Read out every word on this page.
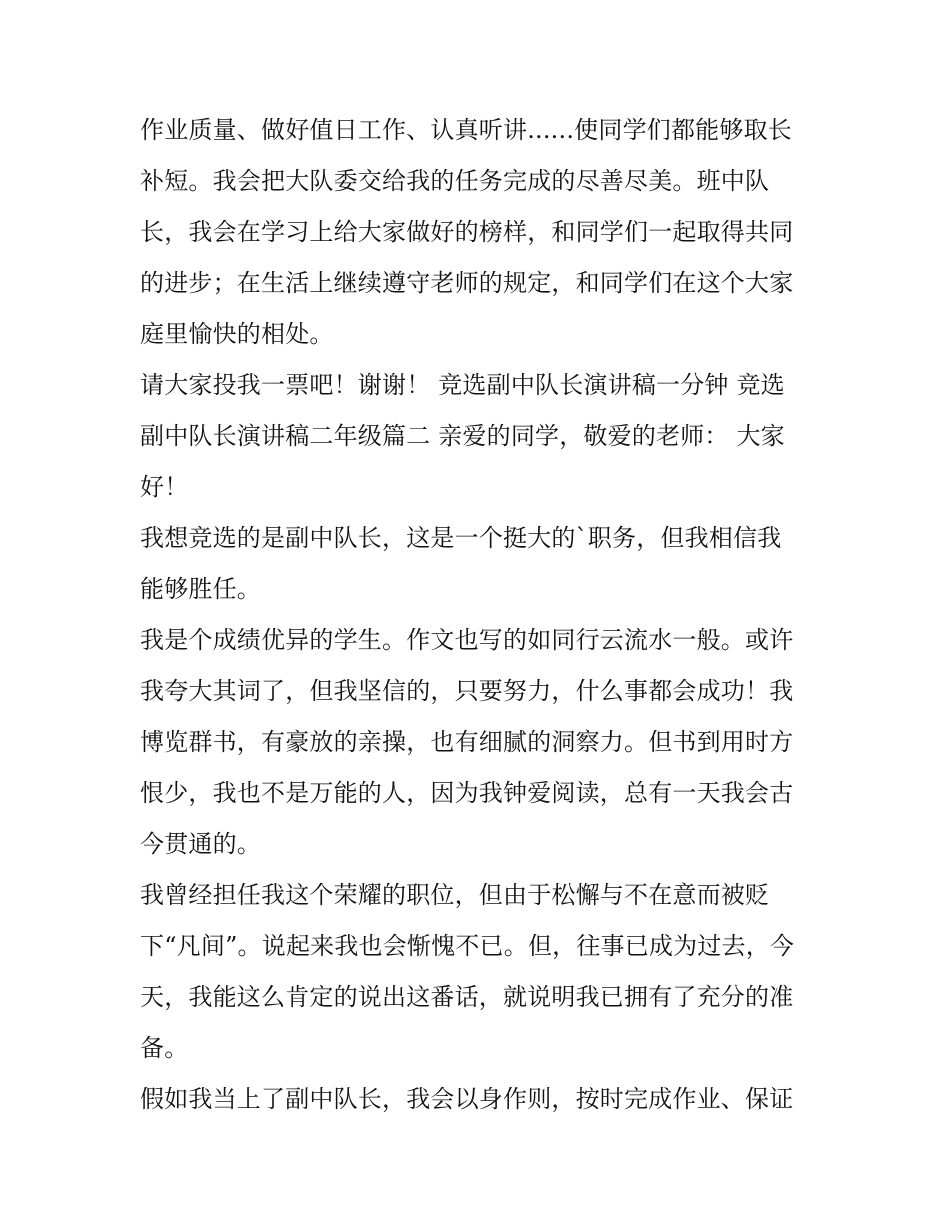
作业质量、做好值日工作、认真听讲......使同学们都能够取长
补短。我会把大队委交给我的任务完成的尽善尽美。班中队
长，我会在学习上给大家做好的榜样，和同学们一起取得共同
的进步；在生活上继续遵守老师的规定，和同学们在这个大家
庭里愉快的相处。
请大家投我一票吧！谢谢！ 竞选副中队长演讲稿一分钟 竞选
副中队长演讲稿二年级篇二 亲爱的同学，敬爱的老师： 大家
好！
我想竞选的是副中队长，这是一个挺大的`职务，但我相信我
能够胜任。
我是个成绩优异的学生。作文也写的如同行云流水一般。或许
我夸大其词了，但我坚信的，只要努力，什么事都会成功！我
博览群书，有豪放的亲操，也有细腻的洞察力。但书到用时方
恨少，我也不是万能的人，因为我钟爱阅读，总有一天我会古
今贯通的。
我曾经担任我这个荣耀的职位，但由于松懈与不在意而被贬
下“凡间”。说起来我也会惭愧不已。但，往事已成为过去，今
天，我能这么肯定的说出这番话，就说明我已拥有了充分的准
备。
假如我当上了副中队长，我会以身作则，按时完成作业、保证
